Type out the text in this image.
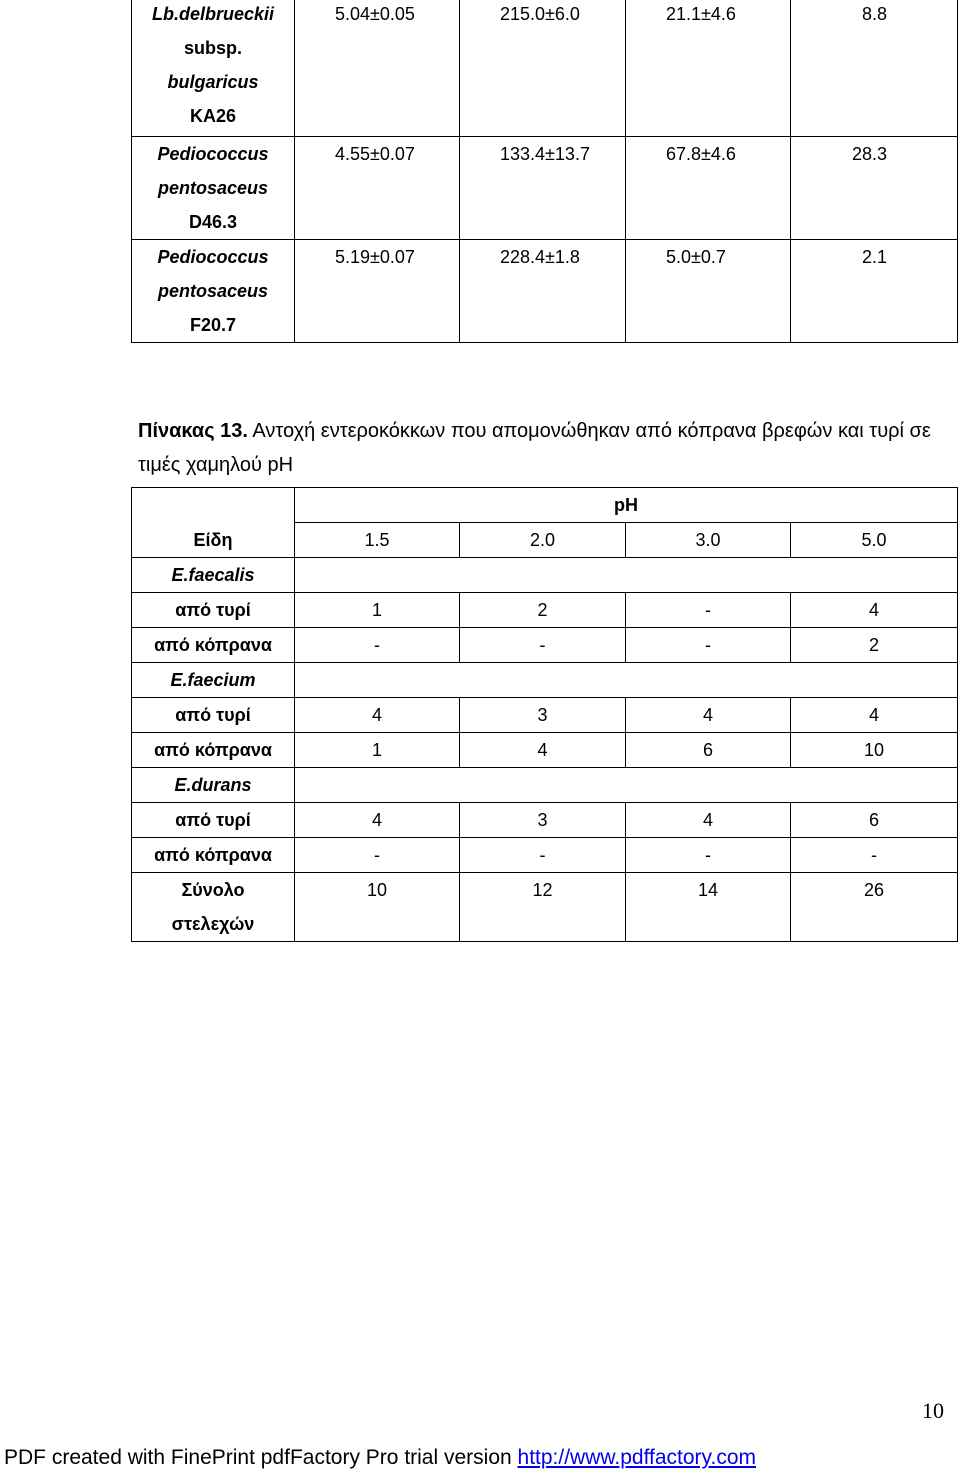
Lb.delbrueckii
subsp.
bulgaricus
KA26	5.04±0.05	215.0±6.0	21.1±4.6	8.8

Pediococcus
pentosaceus
D46.3	4.55±0.07	133.4±13.7	67.8±4.6	28.3

Pediococcus
pentosaceus
F20.7	5.19±0.07	228.4±1.8	5.0±0.7	2.1
Πίνακας 13. Αντοχή εντεροκόκκων που απομονώθηκαν από κόπρανα βρεφών και τυρί σε τιμές χαμηλού pH
	pH			
Είδη	1.5	2.0	3.0	5.0
E.faecalis				
από τυρί	1	2	-	4
από κόπρανα	-	-	-	2
E.faecium				
από τυρί	4	3	4	4
από κόπρανα	1	4	6	10
E.durans				
από τυρί	4	3	4	6
από κόπρανα	-	-	-	-

Σύνολο
στελεχών	10	12	14	26
10
PDF created with FinePrint pdfFactory Pro trial version http://www.pdffactory.com
